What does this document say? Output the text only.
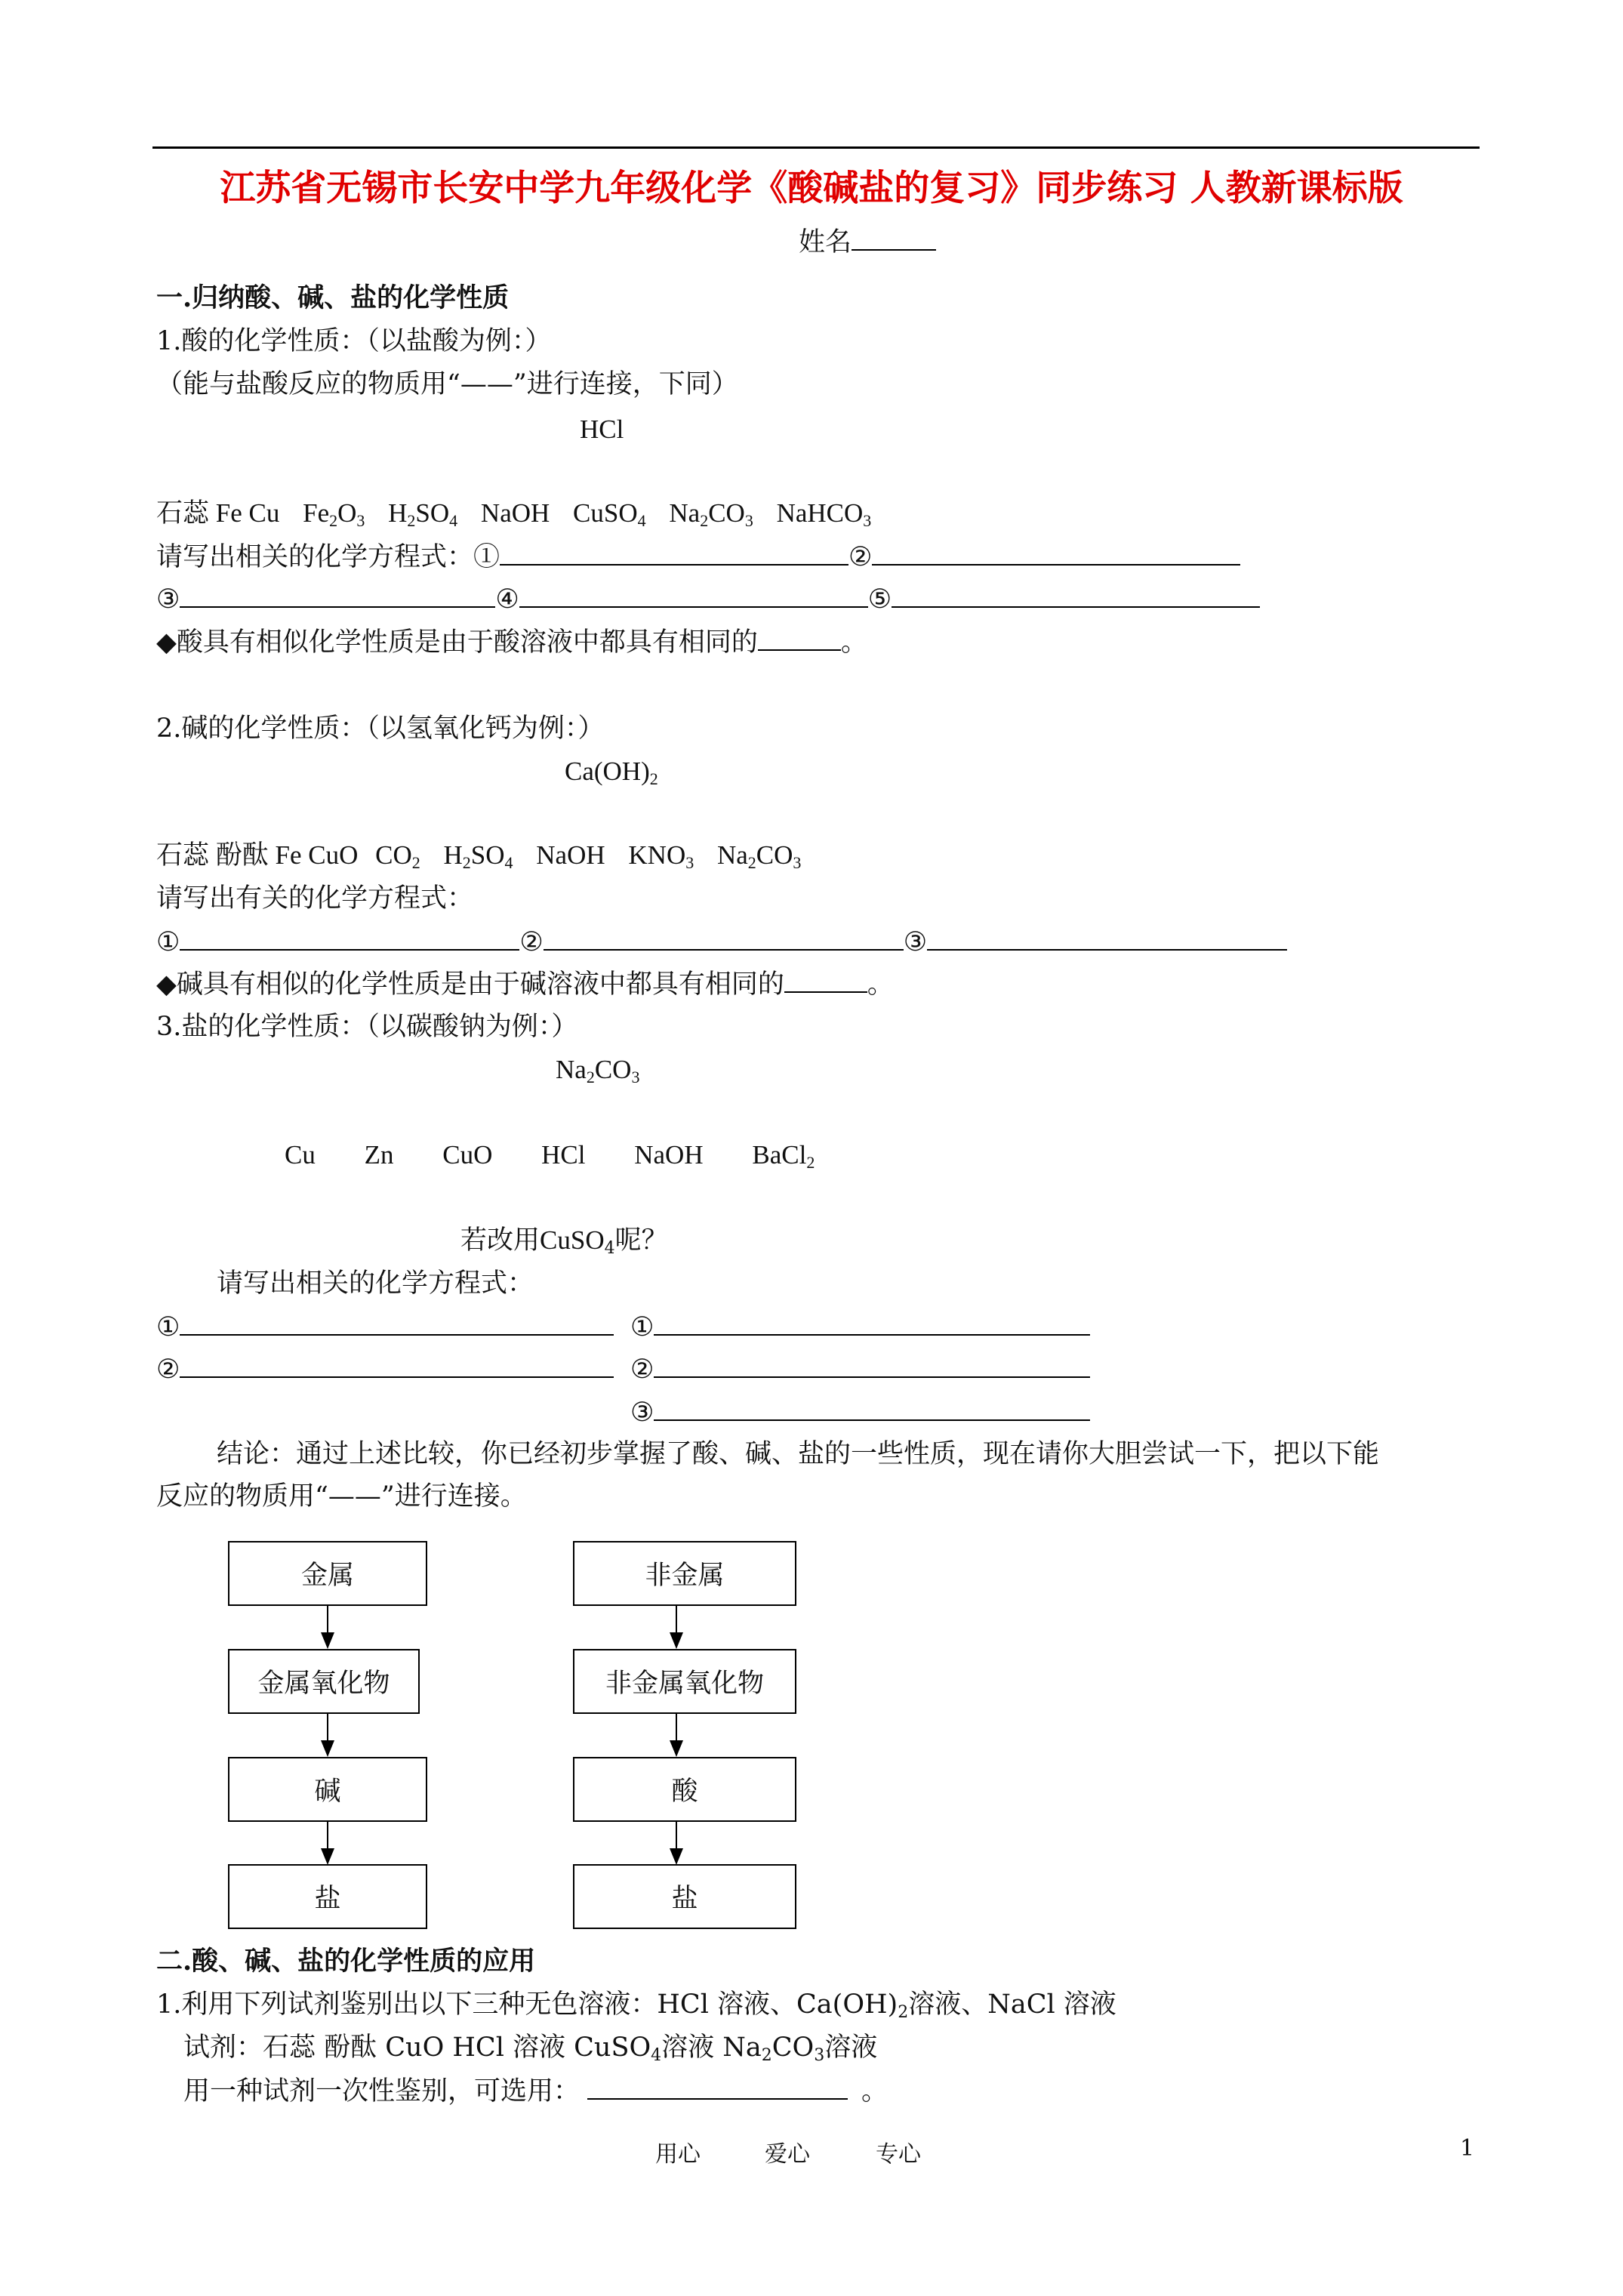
江苏省无锡市长安中学九年级化学《酸碱盐的复习》同步练习 人教新课标版
姓名
一.归纳酸、碱、盐的化学性质
1.酸的化学性质：（以盐酸为例：）
（能与盐酸反应的物质用“——”进行连接，下同）
HCl
石蕊 Fe Cu $Fe_2O_3$ $H_2SO_4$ NaOH CuSO$_4$ $Na_2CO_3$ NaHCO$_3$
请写出相关的化学方程式：①	②
③	④	⑤
◆酸具有相似化学性质是由于酸溶液中都具有相同的	。
2.碱的化学性质：（以氢氧化钙为例：）
$Ca(OH)_2$
石蕊 酚酞 Fe CuO $CO_2$ $H_2SO_4$ NaOH $KNO_3$ $Na_2CO_3$
请写出有关的化学方程式：
①	②	③
◆碱具有相似的化学性质是由于碱溶液中都具有相同的	。
3.盐的化学性质：（以碳酸钠为例：）
$Na_2CO_3$
Cu Zn CuO HCl NaOH BaCl$_2$
若改用CuSO$_4$呢？
请写出相关的化学方程式：
①	①
②	②
③
结论：通过上述比较，你已经初步掌握了酸、碱、盐的一些性质，现在请你大胆尝试一下，把以下能
反应的物质用“——”进行连接。
金属
金属氧化物
碱
盐
非金属
非金属氧化物
酸
盐
二.酸、碱、盐的化学性质的应用
1.利用下列试剂鉴别出以下三种无色溶液：HCl 溶液、$Ca(OH)_2$溶液、NaCl 溶液
试剂：石蕊 酚酞 CuO HCl 溶液 CuSO$_4$溶液 $Na_2CO_3$溶液
用一种试剂一次性鉴别，可选用：	。
用心	爱心	专心	1
